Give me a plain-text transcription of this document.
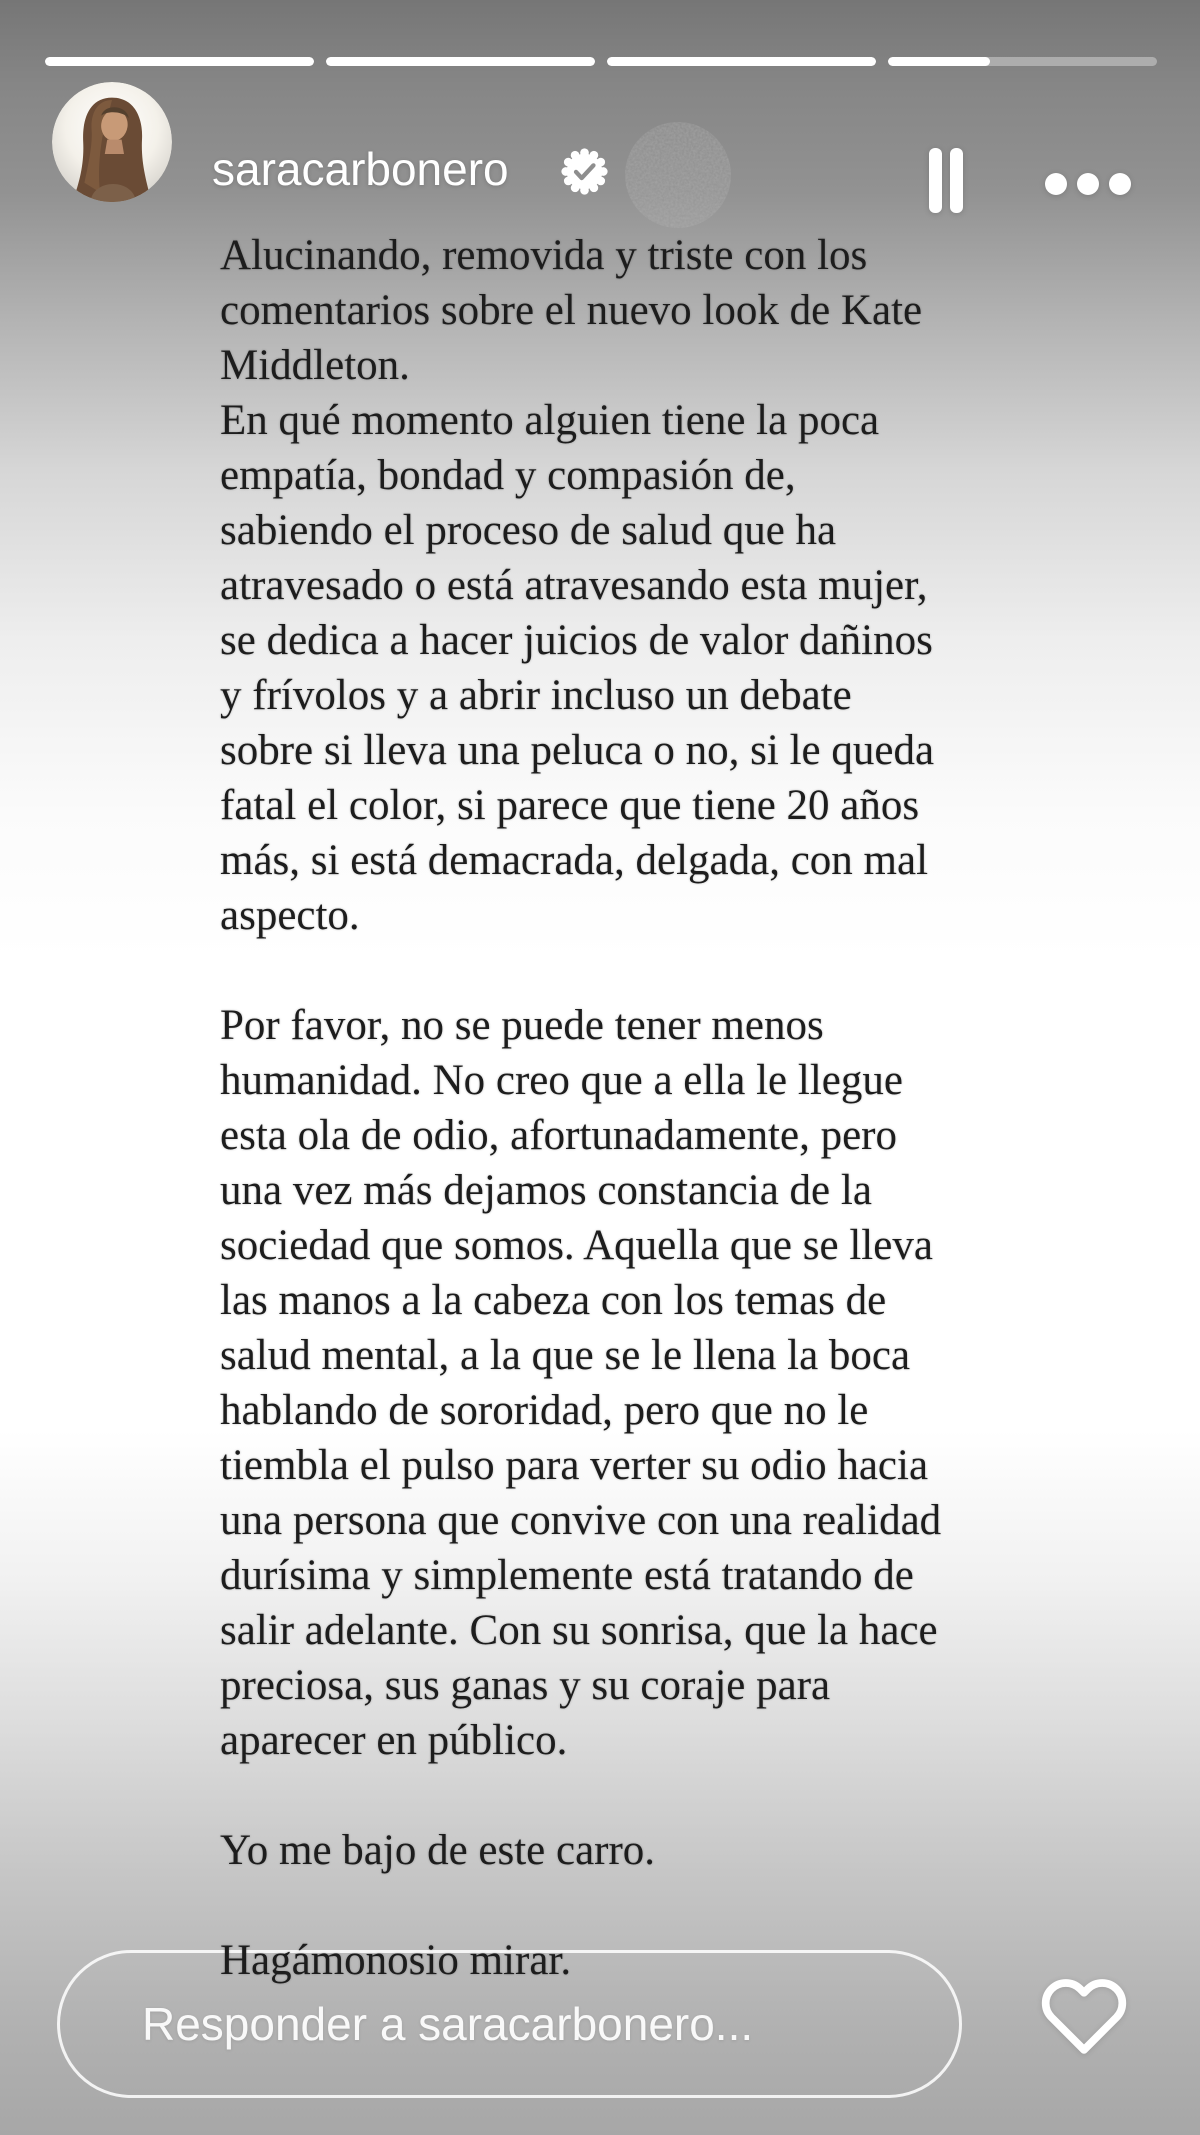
saracarbonero
Alucinando, removida y triste con los
comentarios sobre el nuevo look de Kate
Middleton.
En qué momento alguien tiene la poca
empatía, bondad y compasión de,
sabiendo el proceso de salud que ha
atravesado o está atravesando esta mujer,
se dedica a hacer juicios de valor dañinos
y frívolos y a abrir incluso un debate
sobre si lleva una peluca o no, si le queda
fatal el color, si parece que tiene 20 años
más, si está demacrada, delgada, con mal
aspecto.

Por favor, no se puede tener menos
humanidad. No creo que a ella le llegue
esta ola de odio, afortunadamente, pero
una vez más dejamos constancia de la
sociedad que somos. Aquella que se lleva
las manos a la cabeza con los temas de
salud mental, a la que se le llena la boca
hablando de sororidad, pero que no le
tiembla el pulso para verter su odio hacia
una persona que convive con una realidad
durísima y simplemente está tratando de
salir adelante. Con su sonrisa, que la hace
preciosa, sus ganas y su coraje para
aparecer en público.

Yo me bajo de este carro.

Hagámonosio mirar.
Responder a saracarbonero...
